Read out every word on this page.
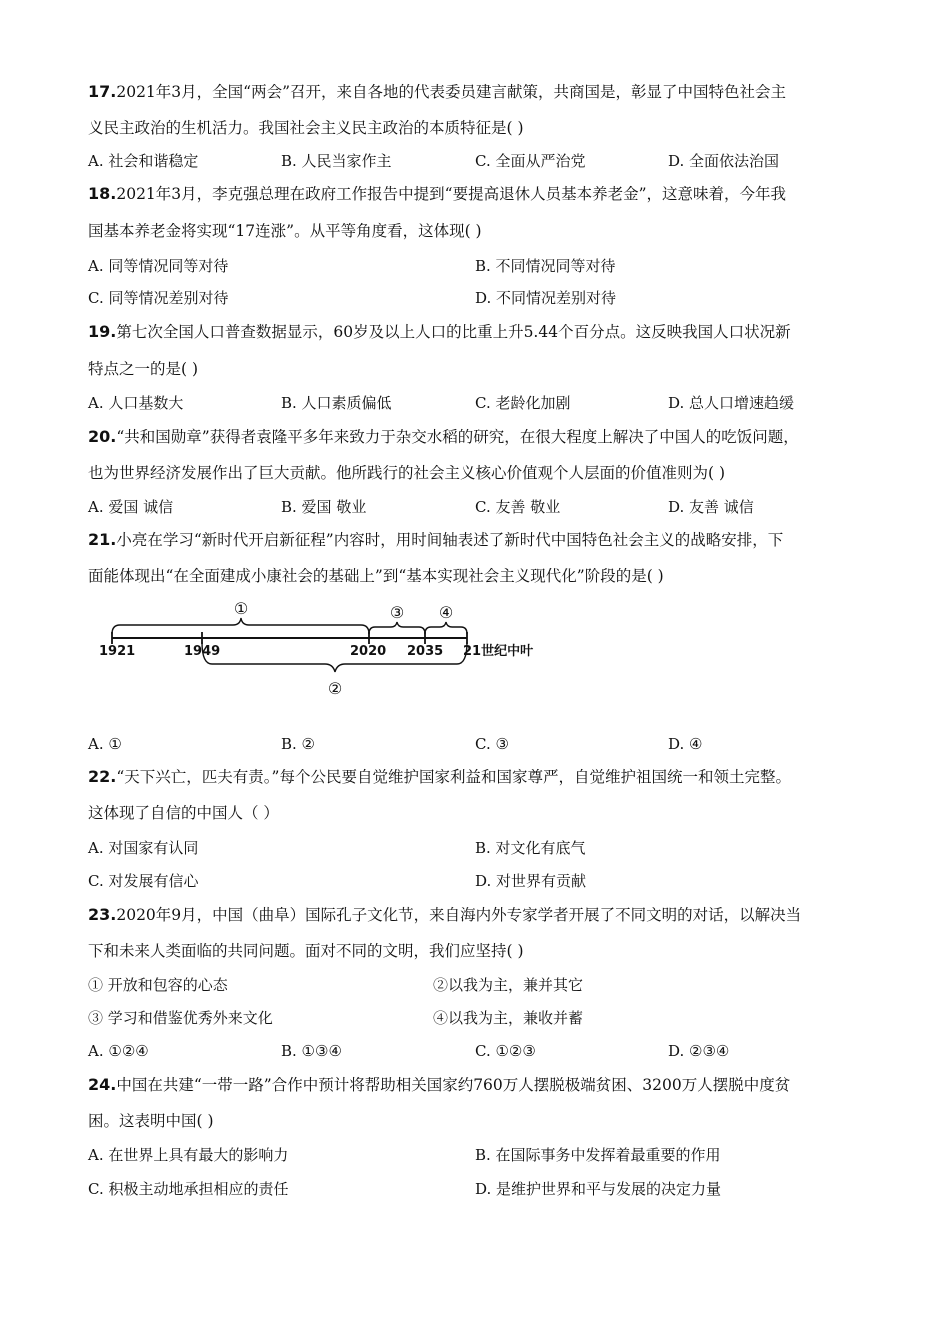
17.2021年3月，全国“两会”召开，来自各地的代表委员建言献策，共商国是，彰显了中国特色社会主
义民主政治的生机活力。我国社会主义民主政治的本质特征是( )
A. 社会和谐稳定	B. 人民当家作主	C. 全面从严治党	D. 全面依法治国
18.2021年3月，李克强总理在政府工作报告中提到“要提高退休人员基本养老金”，这意味着，今年我
国基本养老金将实现“17连涨”。从平等角度看，这体现( )
A. 同等情况同等对待	B. 不同情况同等对待
C. 同等情况差别对待	D. 不同情况差别对待
19.第七次全国人口普查数据显示，60岁及以上人口的比重上升5.44个百分点。这反映我国人口状况新
特点之一的是( )
A. 人口基数大	B. 人口素质偏低	C. 老龄化加剧	D. 总人口增速趋缓
20.“共和国勋章”获得者袁隆平多年来致力于杂交水稻的研究，在很大程度上解决了中国人的吃饭问题，
也为世界经济发展作出了巨大贡献。他所践行的社会主义核心价值观个人层面的价值准则为( )
A. 爱国 诚信	B. 爱国 敬业	C. 友善 敬业	D. 友善 诚信
21.小亮在学习“新时代开启新征程”内容时，用时间轴表述了新时代中国特色社会主义的战略安排，下
面能体现出“在全面建成小康社会的基础上”到“基本实现社会主义现代化”阶段的是( )
①	③ ④
②
1921	1949	2020 2035 21世纪中叶
A. ①	B. ②	C. ③	D. ④
22.“天下兴亡，匹夫有责。”每个公民要自觉维护国家利益和国家尊严，自觉维护祖国统一和领土完整。
这体现了自信的中国人（ ）
A. 对国家有认同	B. 对文化有底气
C. 对发展有信心	D. 对世界有贡献
23.2020年9月，中国（曲阜）国际孔子文化节，来自海内外专家学者开展了不同文明的对话，以解决当
下和未来人类面临的共同问题。面对不同的文明，我们应坚持( )
① 开放和包容的心态	②以我为主，兼并其它
③ 学习和借鉴优秀外来文化	④以我为主，兼收并蓄
A. ①②④	B. ①③④	C. ①②③	D. ②③④
24.中国在共建“一带一路”合作中预计将帮助相关国家约760万人摆脱极端贫困、3200万人摆脱中度贫
困。这表明中国( )
A. 在世界上具有最大的影响力	B. 在国际事务中发挥着最重要的作用
C. 积极主动地承担相应的责任	D. 是维护世界和平与发展的决定力量
